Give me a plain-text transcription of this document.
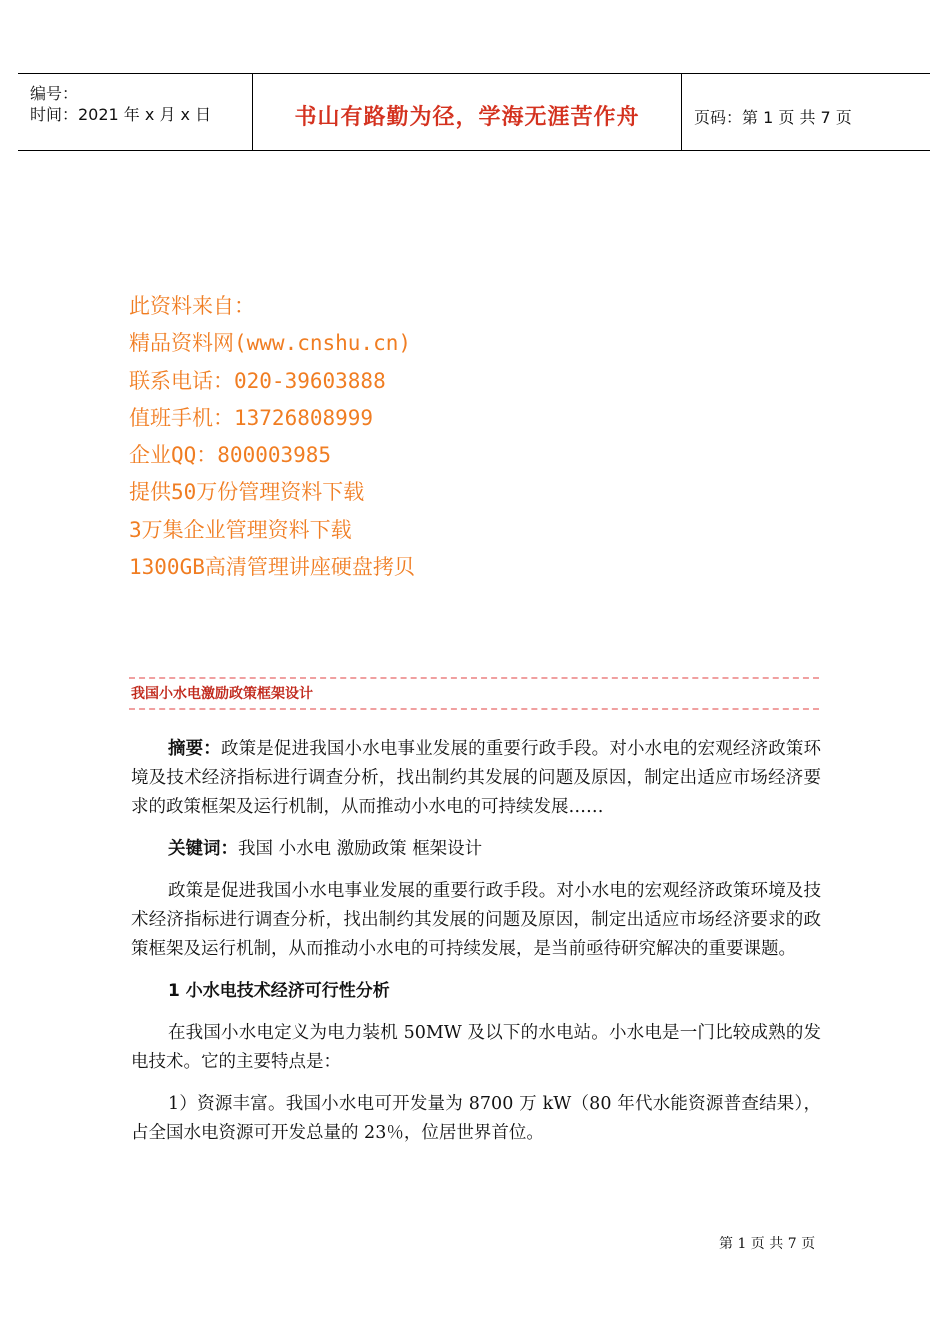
编号：
时间：2021 年 x 月 x 日	书山有路勤为径，学海无涯苦作舟	页码：第 1 页 共 7 页
此资料来自：
精品资料网(www.cnshu.cn)
联系电话：020-39603888
值班手机：13726808999
企业QQ：800003985
提供50万份管理资料下载
3万集企业管理资料下载
1300GB高清管理讲座硬盘拷贝
我国小水电激励政策框架设计

摘要：政策是促进我国小水电事业发展的重要行政手段。对小水电的宏观经济政策环境及技术经济指标进行调查分析，找出制约其发展的问题及原因，制定出适应市场经济要求的政策框架及运行机制，从而推动小水电的可持续发展……

关键词：我国 小水电 激励政策 框架设计

政策是促进我国小水电事业发展的重要行政手段。对小水电的宏观经济政策环境及技术经济指标进行调查分析，找出制约其发展的问题及原因，制定出适应市场经济要求的政策框架及运行机制，从而推动小水电的可持续发展，是当前亟待研究解决的重要课题。

1 小水电技术经济可行性分析

在我国小水电定义为电力装机 50MW 及以下的水电站。小水电是一门比较成熟的发电技术。它的主要特点是：

1）资源丰富。我国小水电可开发量为 8700 万 kW（80 年代水能资源普查结果），占全国水电资源可开发总量的 23％，位居世界首位。

第 1 页 共 7 页
